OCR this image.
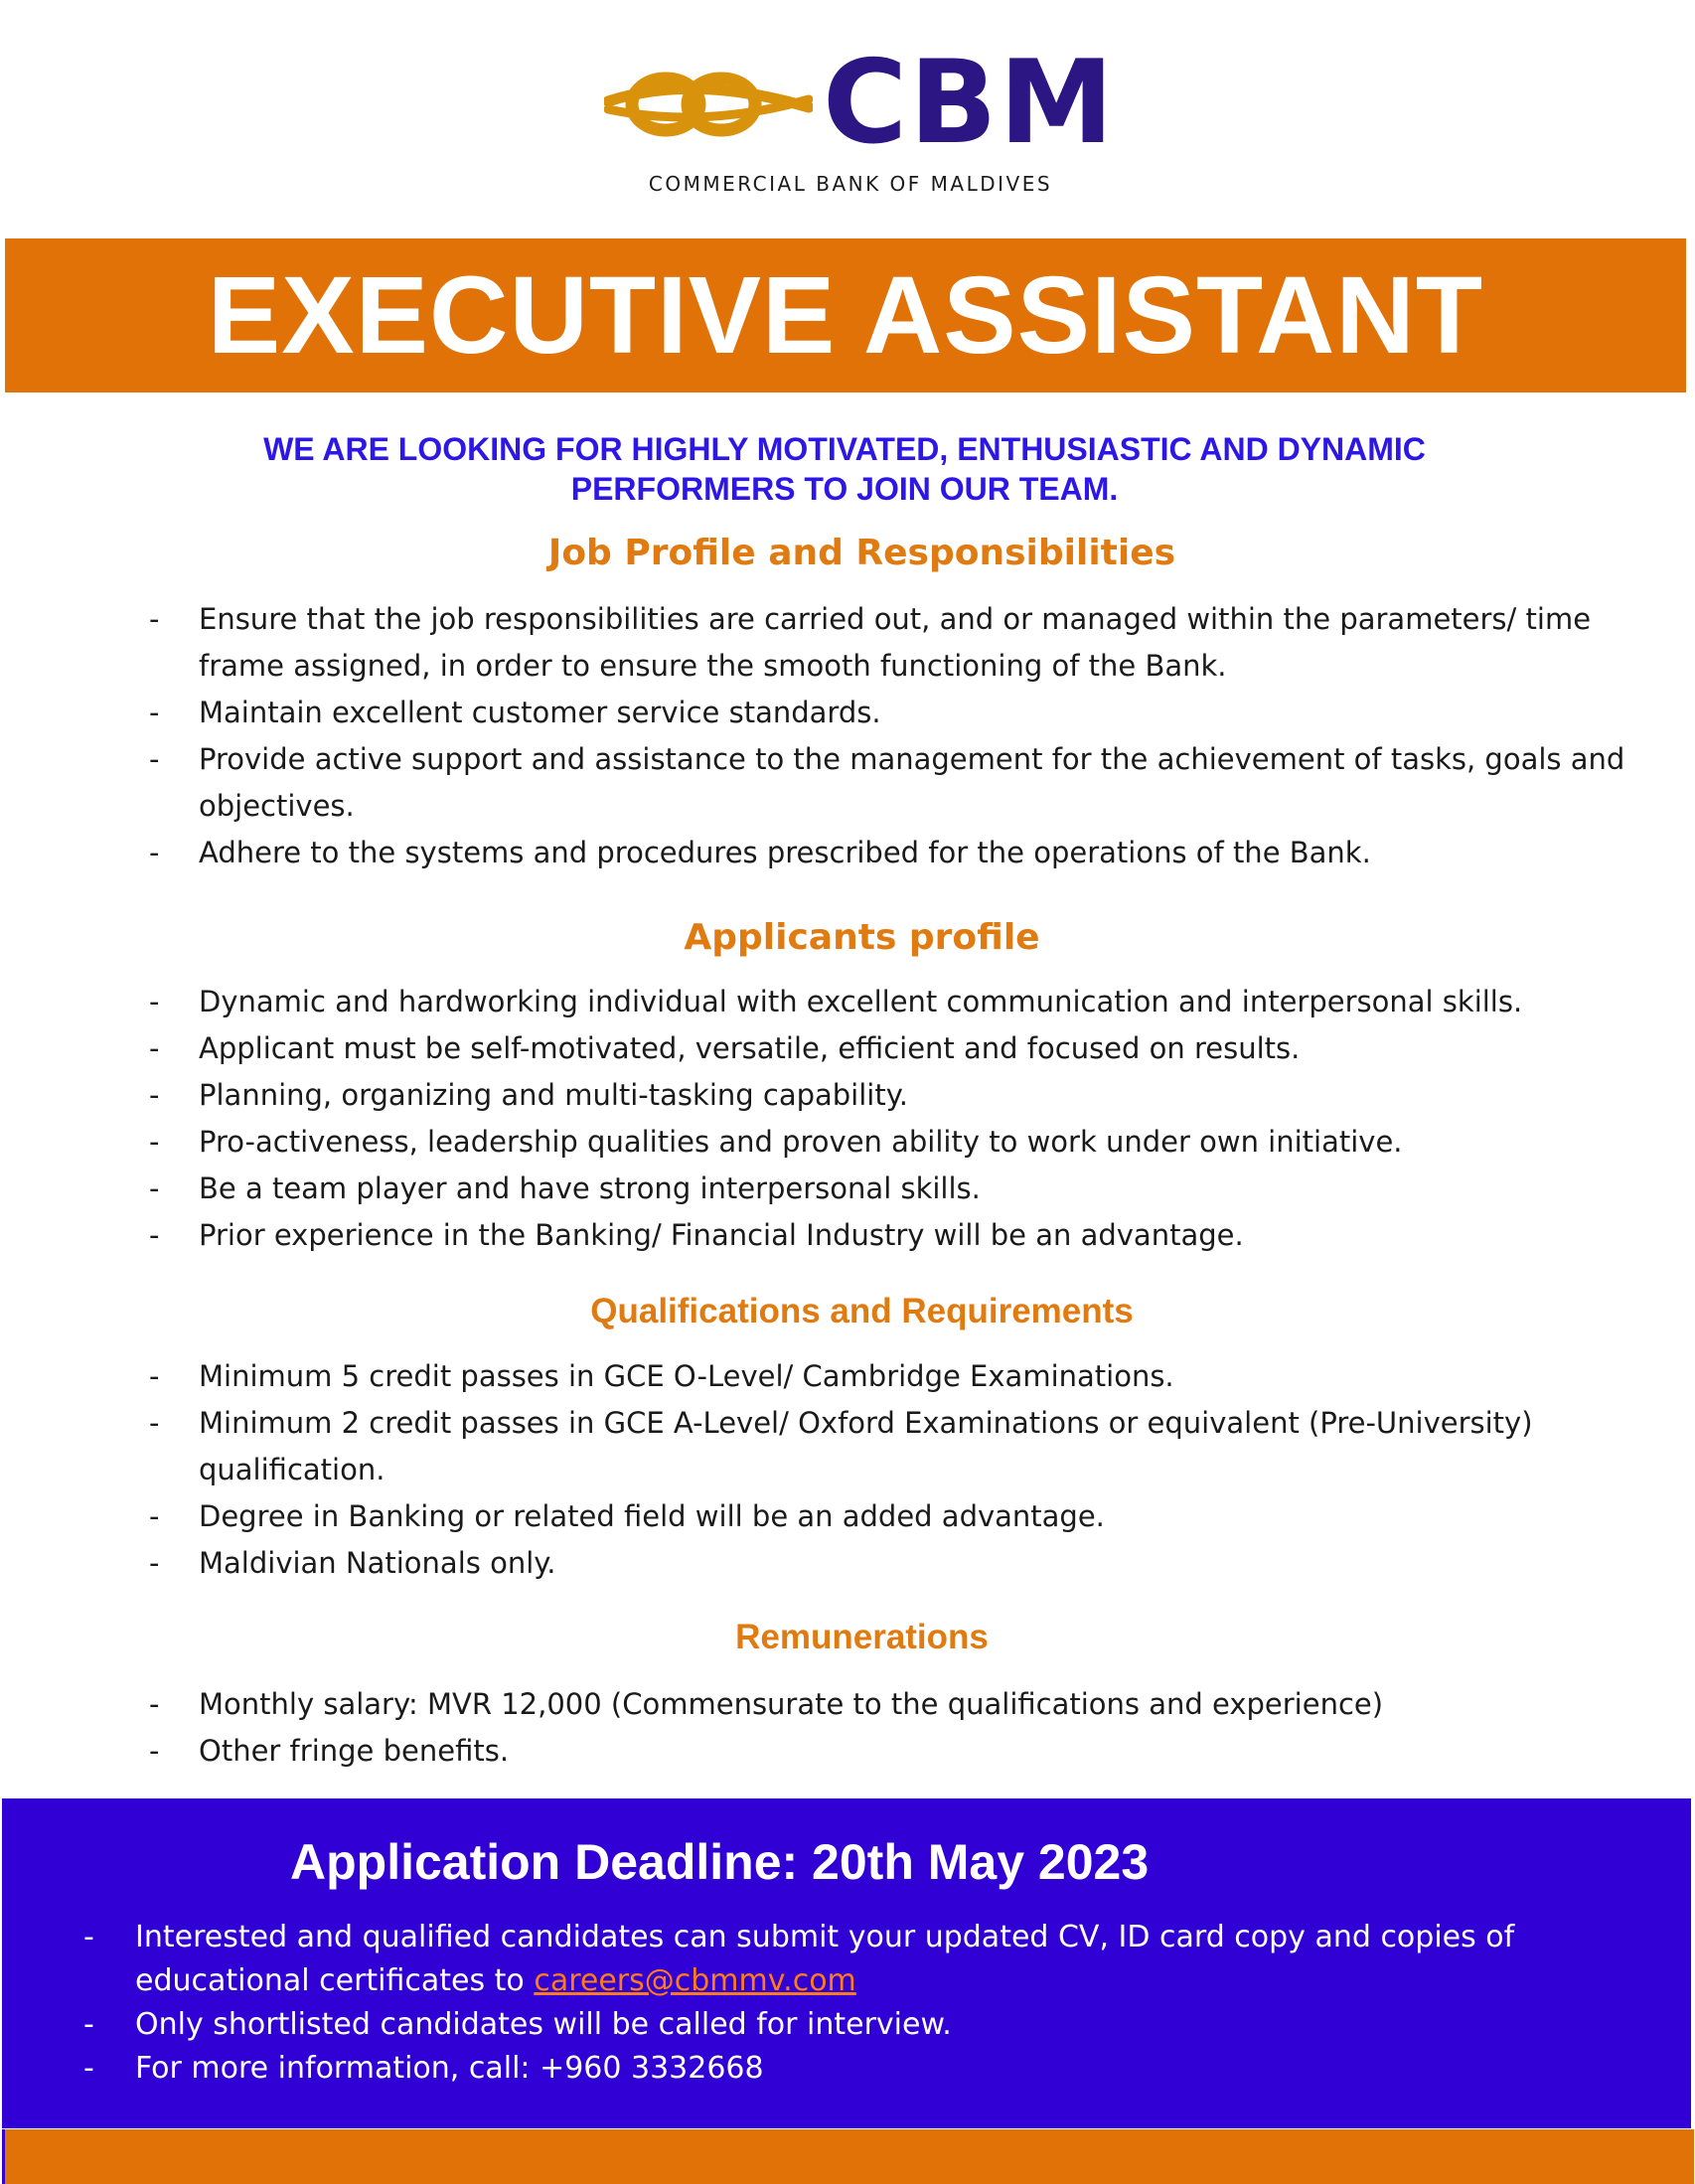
CBM
COMMERCIAL BANK OF MALDIVES
EXECUTIVE ASSISTANT

WE ARE LOOKING FOR HIGHLY MOTIVATED, ENTHUSIASTIC AND DYNAMIC
PERFORMERS TO JOIN OUR TEAM.

Job Profile and Responsibilities
- Ensure that the job responsibilities are carried out, and or managed within the parameters/ time frame assigned, in order to ensure the smooth functioning of the Bank.
- Maintain excellent customer service standards.
- Provide active support and assistance to the management for the achievement of tasks, goals and objectives.
- Adhere to the systems and procedures prescribed for the operations of the Bank.
Applicants profile
- Dynamic and hardworking individual with excellent communication and interpersonal skills.
- Applicant must be self-motivated, versatile, efficient and focused on results.
- Planning, organizing and multi-tasking capability.
- Pro-activeness, leadership qualities and proven ability to work under own initiative.
- Be a team player and have strong interpersonal skills.
- Prior experience in the Banking/ Financial Industry will be an advantage.
Qualifications and Requirements
- Minimum 5 credit passes in GCE O-Level/ Cambridge Examinations.
- Minimum 2 credit passes in GCE A-Level/ Oxford Examinations or equivalent (Pre-University) qualification.
- Degree in Banking or related field will be an added advantage.
- Maldivian Nationals only.
Remunerations
- Monthly salary: MVR 12,000 (Commensurate to the qualifications and experience)
- Other fringe benefits.
Application Deadline: 20th May 2023
- Interested and qualified candidates can submit your updated CV, ID card copy and copies of educational certificates to careers@cbmmv.com
- Only shortlisted candidates will be called for interview.
- For more information, call: +960 3332668
